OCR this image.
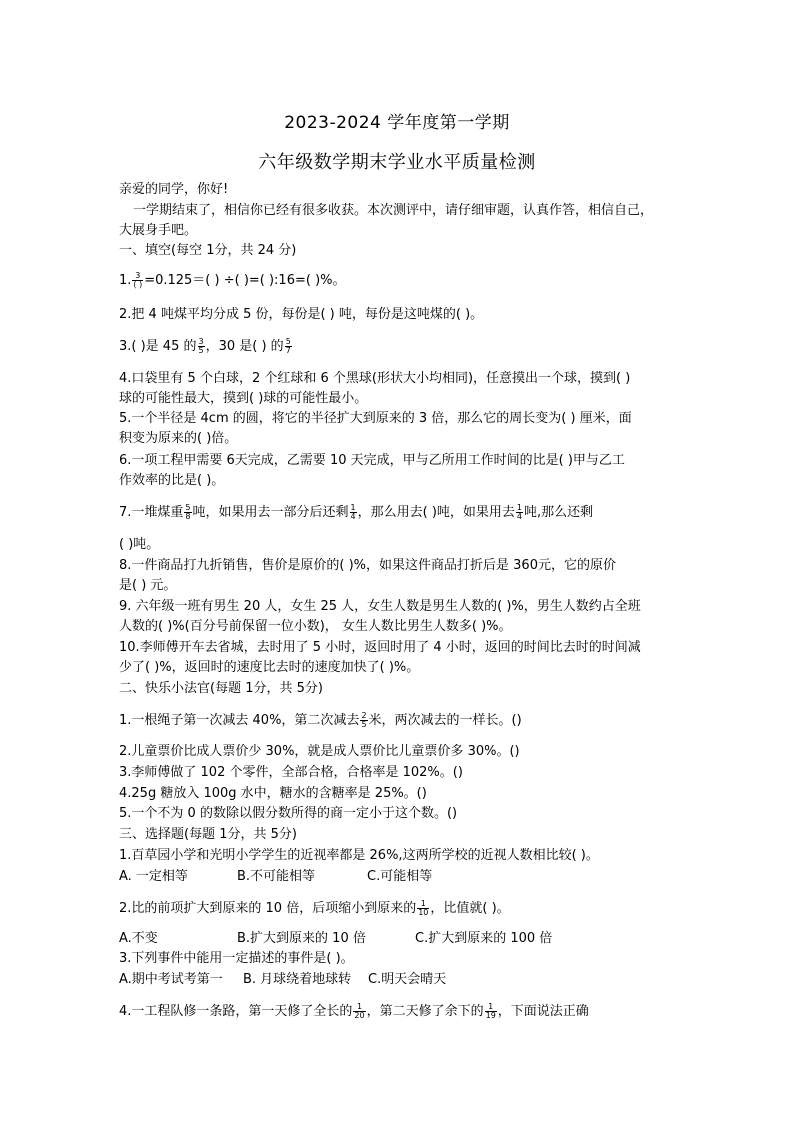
2023-2024 学年度第一学期
六年级数学期末学业水平质量检测
亲爱的同学，你好!
一学期结束了，相信你已经有很多收获。本次测评中，请仔细审题，认真作答，相信自己，
大展身手吧。
一、填空(每空 1分，共 24 分)
1. $\frac{3}{( )} =0.125=$( ) ÷( )=( ):16=( )%。
2.把 4 吨煤平均分成 5 份，每份是( ) 吨，每份是这吨煤的( )。
3.( )是 45 的 $\frac{3}{5}$ ，30 是( ) 的 $\frac{5}{7}$
4.口袋里有 5 个白球，2 个红球和 6 个黑球(形状大小均相同)，任意摸出一个球，摸到( )
球的可能性最大，摸到( )球的可能性最小。
5.一个半径是 4cm 的圆，将它的半径扩大到原来的 3 倍，那么它的周长变为( ) 厘米，面
积变为原来的( )倍。
6.一项工程甲需要 6天完成，乙需要 10 天完成，甲与乙所用工作时间的比是( )甲与乙工
作效率的比是( )。
7.一堆煤重 $\frac{5}{8}$ 吨，如果用去一部分后还剩 $\frac{1}{4}$ ，那么用去( )吨，如果用去 $\frac{1}{4}$ 吨,那么还剩
( )吨。
8.一件商品打九折销售，售价是原价的( )%，如果这件商品打折后是 360元，它的原价
是( ) 元。
9. 六年级一班有男生 20 人，女生 25 人，女生人数是男生人数的( )%，男生人数约占全班
人数的( )%(百分号前保留一位小数)， 女生人数比男生人数多( )%。
10.李师傅开车去省城，去时用了 5 小时，返回时用了 4 小时，返回的时间比去时的时间减
少了( )%，返回时的速度比去时的速度加快了( )%。
二、快乐小法官(每题 1分，共 5分)
1.一根绳子第一次减去 40%，第二次减去 $\frac{2}{5}$ 米，两次减去的一样长。()
2.儿童票价比成人票价少 30%，就是成人票价比儿童票价多 30%。()
3.李师傅做了 102 个零件，全部合格，合格率是 102%。()
4.25g 糖放入 100g 水中，糖水的含糖率是 25%。()
5.一个不为 0 的数除以假分数所得的商一定小于这个数。()
三、选择题(每题 1分，共 5分)
1.百草园小学和光明小学学生的近视率都是 26%,这两所学校的近视人数相比较( )。
A. 一定相等	B.不可能相等	C.可能相等
2.比的前项扩大到原来的 10 倍，后项缩小到原来的 $\frac{1}{10}$ ，比值就( )。
A.不变	B.扩大到原来的 10 倍	C.扩大到原来的 100 倍
3.下列事件中能用一定描述的事件是( )。
A.期中考试考第一 B. 月球绕着地球转 C.明天会晴天
4.一工程队修一条路，第一天修了全长的 $\frac{1}{20}$ ，第二天修了余下的 $\frac{1}{19}$ ，下面说法正确
